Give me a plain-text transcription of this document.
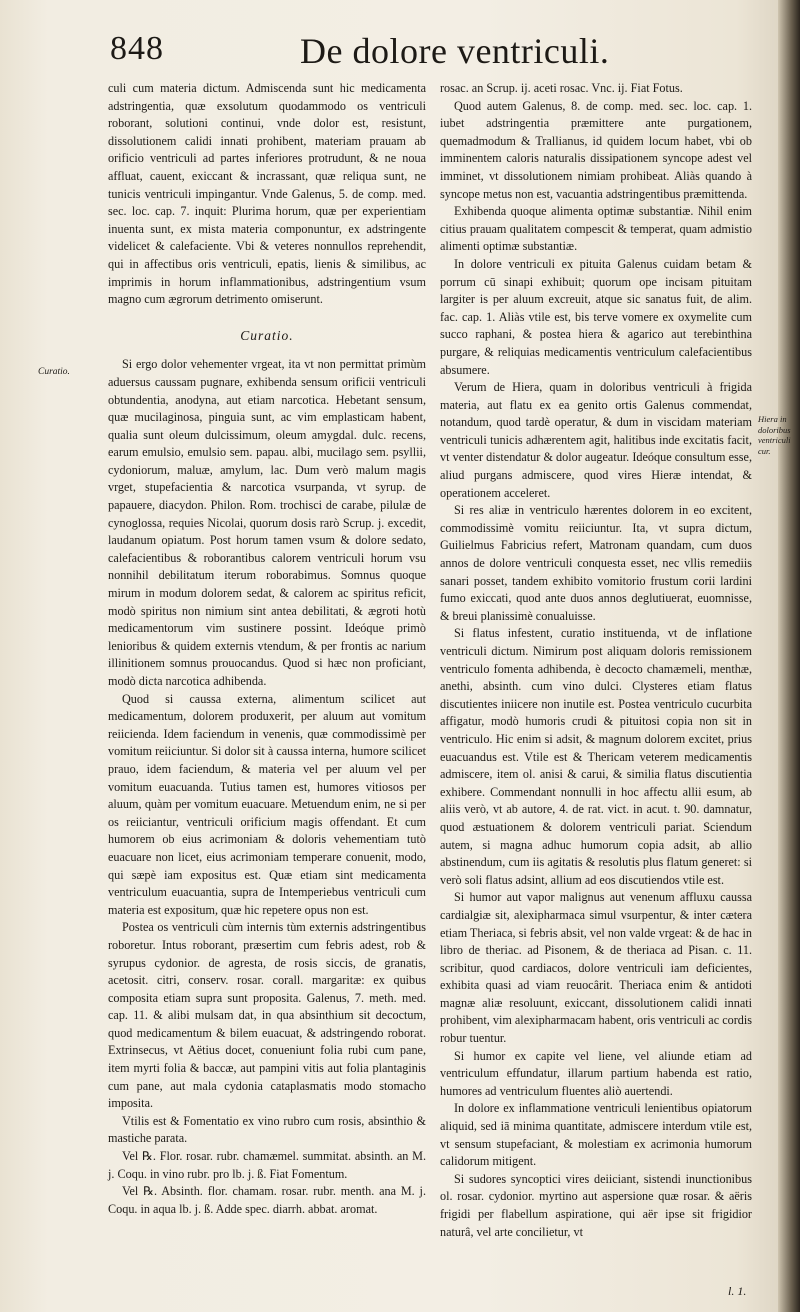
848	De dolore ventriculi.
Curatio.
Hiera in doloribus ventriculi cur.

culi cum materia dictum. Admiscenda sunt hic medicamenta adstringentia, quæ exsolutum quodammodo os ventriculi roborant, solutioni continui, vnde dolor est, resistunt, dissolutionem calidi innati prohibent, materiam prauam ab orificio ventriculi ad partes inferiores protrudunt, & ne noua affluat, cauent, exiccant & incrassant, quæ reliqua sunt, ne tunicis ventriculi impingantur. Vnde Galenus, 5. de comp. med. sec. loc. cap. 7. inquit: Plurima horum, quæ per experientiam inuenta sunt, ex mista materia componuntur, ex adstringente videlicet & calefaciente. Vbi & veteres nonnullos reprehendit, qui in affectibus oris ventriculi, epatis, lienis & similibus, ac imprimis in horum inflammationibus, adstringentium vsum magno cum ægrorum detrimento omiserunt.

Curatio.

Si ergo dolor vehementer vrgeat, ita vt non permittat primùm aduersus caussam pugnare, exhibenda sensum orificii ventriculi obtundentia, anodyna, aut etiam narcotica. Hebetant sensum, quæ mucilaginosa, pinguia sunt, ac vim emplasticam habent, qualia sunt oleum dulcissimum, oleum amygdal. dulc. recens, earum emulsio, emulsio sem. papau. albi, mucilago sem. psyllii, cydoniorum, maluæ, amylum, lac. Dum verò malum magis vrget, stupefacientia & narcotica vsurpanda, vt syrup. de papauere, diacydon. Philon. Rom. trochisci de carabe, pilulæ de cynoglossa, requies Nicolai, quorum dosis rarò Scrup. j. excedit, laudanum opiatum. Post horum tamen vsum & dolore sedato, calefacientibus & roborantibus calorem ventriculi horum vsu nonnihil debilitatum iterum roborabimus. Somnus quoque mirum in modum dolorem sedat, & calorem ac spiritus reficit, modò spiritus non nimium sint antea debilitati, & ægroti hotù medicamentorum vim sustinere possint. Ideóque primò lenioribus & quidem externis vtendum, & per frontis ac narium illinitionem somnus prouocandus. Quod si hæc non proficiant, modò dicta narcotica adhibenda.

Quod si caussa externa, alimentum scilicet aut medicamentum, dolorem produxerit, per aluum aut vomitum reiicienda. Idem faciendum in venenis, quæ commodissimè per vomitum reiiciuntur. Si dolor sit à caussa interna, humore scilicet prauo, idem faciendum, & materia vel per aluum vel per vomitum euacuanda. Tutius tamen est, humores vitiosos per aluum, quàm per vomitum euacuare. Metuendum enim, ne si per os reiiciantur, ventriculi orificium magis offendant. Et cum humorem ob eius acrimoniam & doloris vehementiam tutò euacuare non licet, eius acrimoniam temperare conuenit, modo, qui sæpè iam expositus est. Quæ etiam sint medicamenta ventriculum euacuantia, supra de Intemperiebus ventriculi cum materia est expositum, quæ hic repetere opus non est.

Postea os ventriculi cùm internis tùm externis adstringentibus roboretur. Intus roborant, præsertim cum febris adest, rob & syrupus cydonior. de agresta, de rosis siccis, de granatis, acetosit. citri, conserv. rosar. corall. margaritæ: ex quibus composita etiam supra sunt proposita. Galenus, 7. meth. med. cap. 11. & alibi mulsam dat, in qua absinthium sit decoctum, quod medicamentum & bilem euacuat, & adstringendo roborat. Extrinsecus, vt Aëtius docet, conueniunt folia rubi cum pane, item myrti folia & baccæ, aut pampini vitis aut folia plantaginis cum pane, aut mala cydonia cataplasmatis modo stomacho imposita.

Vtilis est & Fomentatio ex vino rubro cum rosis, absinthio & mastiche parata.

Vel ℞. Flor. rosar. rubr. chamæmel. summitat. absinth. an M. j. Coqu. in vino rubr. pro lb. j. ß. Fiat Fomentum.

Vel ℞. Absinth. flor. chamam. rosar. rubr. menth. ana M. j. Coqu. in aqua lb. j. ß. Adde spec. diarrh. abbat. aromat.

rosac. an Scrup. ij. aceti rosac. Vnc. ij. Fiat Fotus.

Quod autem Galenus, 8. de comp. med. sec. loc. cap. 1. iubet adstringentia præmittere ante purgationem, quemadmodum & Trallianus, id quidem locum habet, vbi ob imminentem caloris naturalis dissipationem syncope adest vel imminet, vt dissolutionem nimiam prohibeat. Aliàs quando à syncope metus non est, vacuantia adstringentibus præmittenda.

Exhibenda quoque alimenta optimæ substantiæ. Nihil enim citius prauam qualitatem compescit & temperat, quam admistio alimenti optimæ substantiæ.

In dolore ventriculi ex pituita Galenus cuidam betam & porrum cū sinapi exhibuit; quorum ope incisam pituitam largiter is per aluum excreuit, atque sic sanatus fuit, de alim. fac. cap. 1. Aliàs vtile est, bis terve vomere ex oxymelite cum succo raphani, & postea hiera & agarico aut terebinthina purgare, & reliquias medicamentis ventriculum calefacientibus absumere.

Verum de Hiera, quam in doloribus ventriculi à frigida materia, aut flatu ex ea genito ortis Galenus commendat, notandum, quod tardè operatur, & dum in viscidam materiam ventriculi tunicis adhærentem agit, halitibus inde excitatis facit, vt venter distendatur & dolor augeatur. Ideóque consultum esse, aliud purgans admiscere, quod vires Hieræ intendat, & operationem acceleret.

Si res aliæ in ventriculo hærentes dolorem in eo excitent, commodissimè vomitu reiiciuntur. Ita, vt supra dictum, Guilielmus Fabricius refert, Matronam quandam, cum duos annos de dolore ventriculi conquesta esset, nec vllis remediis sanari posset, tandem exhibito vomitorio frustum corii lardini fumo exiccati, quod ante duos annos deglutiuerat, euomnisse, & breui planissimè conualuisse.

Si flatus infestent, curatio instituenda, vt de inflatione ventriculi dictum. Nimirum post aliquam doloris remissionem ventriculo fomenta adhibenda, è decocto chamæmeli, menthæ, anethi, absinth. cum vino dulci. Clysteres etiam flatus discutientes iniicere non inutile est. Postea ventriculo cucurbita affigatur, modò humoris crudi & pituitosi copia non sit in ventriculo. Hic enim si adsit, & magnum dolorem excitet, prius euacuandus est. Vtile est & Thericam veterem medicamentis admiscere, item ol. anisi & carui, & similia flatus discutientia exhibere. Commendant nonnulli in hoc affectu allii esum, ab aliis verò, vt ab autore, 4. de rat. vict. in acut. t. 90. damnatur, quod æstuationem & dolorem ventriculi pariat. Sciendum autem, si magna adhuc humorum copia adsit, ab allio abstinendum, cum iis agitatis & resolutis plus flatum generet: si verò soli flatus adsint, allium ad eos discutiendos vtile est.

Si humor aut vapor malignus aut venenum affluxu caussa cardialgiæ sit, alexipharmaca simul vsurpentur, & inter cætera etiam Theriaca, si febris absit, vel non valde vrgeat: & de hac in libro de theriac. ad Pisonem, & de theriaca ad Pisan. c. 11. scribitur, quod cardiacos, dolore ventriculi iam deficientes, exhibita quasi ad viam reuocârit. Theriaca enim & antidoti magnæ aliæ resoluunt, exiccant, dissolutionem calidi innati prohibent, vim alexipharmacam habent, oris ventriculi ac cordis robur tuentur.

Si humor ex capite vel liene, vel aliunde etiam ad ventriculum effundatur, illarum partium habenda est ratio, humores ad ventriculum fluentes aliò auertendi.

In dolore ex inflammatione ventriculi lenientibus opiatorum aliquid, sed iā minima quantitate, admiscere interdum vtile est, vt sensum stupefaciant, & molestiam ex acrimonia humorum calidorum mitigent.

Si sudores syncoptici vires deiiciant, sistendi inunctionibus ol. rosar. cydonior. myrtino aut aspersione quæ rosar. & aëris frigidi per flabellum aspiratione, qui aër ipse sit frigidior naturâ, vel arte concilietur, vt

l. 1.
